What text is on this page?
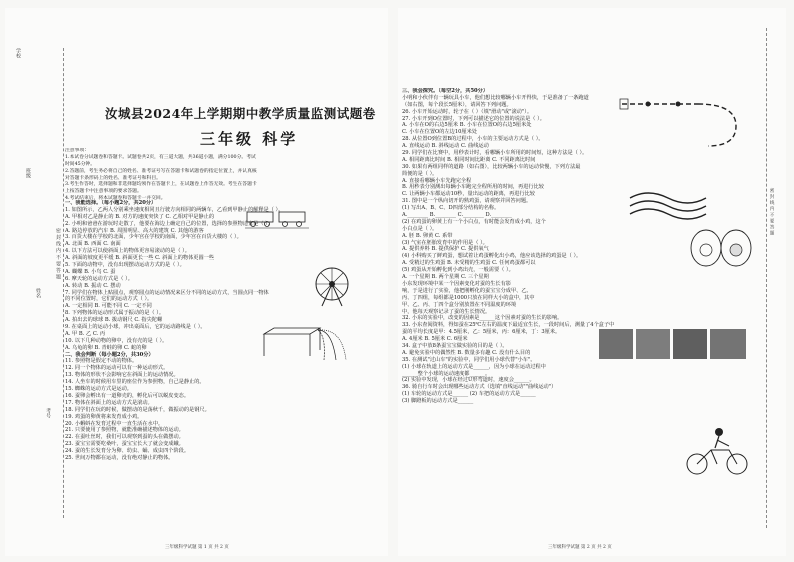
学校
班级
姓名
考号
密 封 线 内 不 要 答 题
汝城县2024年上学期期中教学质量监测试题卷
三年级 科学
注意事项：
1.本试卷分试题卷和答题卡。试题卷共2页，有三道大题，共36道小题，满分100分。考试
时间45分钟。
2.答题前，考生务必将自己的姓名、准考证号写在答题卡和试题卷的指定位置上，并认真核
对答题卡条形码上的姓名、准考证号和科目。
3.考生作答时，选择题和非选择题均须作在答题卡上，在试题卷上作答无效。考生在答题卡
上按答题卡中注意事项的要求答题。
4.考试结束后，将本试题卷和答题卡一并交回。
一、我能选择。（每小题2分，共20分）
1. 如图所示，乙两人分别乘坐速度相同且行驶方向相同的两辆车，乙看到甲静止的解释是（ ）。
A. 甲相对乙是静止的 B. 对方的速度突快了 C. 乙相对甲是静止的
2. 小明和爸爸在游玩时走散了，他要在海边上确定自己的位置，选择的参照物适宜是（ ）。
A. 路边停放的汽车 B. 周围明显、高大的建筑 C. 其他的游客
3. 百货大楼在学校的北面，少年宫在学校的南面，少年宫在百货大楼的（ ）。
A. 北面 B. 西面 C. 南面
4. 以下方法可以使斜面上的物体更容易滚动的是（ ）。
A. 斜面的坡度更平缓 B. 斜面更长一些 C. 斜面上的物体更圆一些
5. 下面的动物中，没有出现摆动运动方式的是（ ）。
A. 蝴蝶 B. 小鸟 C. 蚕
6. 摩天轮的运动方式是（ ）。
A. 转动 B. 振动 C. 摆动
7. 同学们在物体上贴圆点，观察圆点的运动情况来区分不同的运动方式，当圆点同一物体
的不同位置时，它们的运动方式（ ）。
A. 一定相同 B. 可能不同 C. 一定不同
8. 下列物体的运动形式属于振动的是（ ）。
A. 拍出去的球球 B. 拨动钢尺 C. 指尖陀螺
9. 在桌面上的运动小球，冲出桌面后，它的运动路线是（ ）。
A. 甲 B. 乙 C. 丙
10. 以下几种动物的卵中，没有壳的是（ ）。
A. 乌龟的卵 B. 青蛙的卵 C. 蛇的卵
二、我会判断（每小题2分，共30分）
11. 参照物是假定不动的物体。
12. 同一个物体的运动可以有一种运动形式。
13. 物体的形状不会影响它在斜面上的运动情况。
14. 人坐车的时候用车里的座位作为参照物，自己是静止的。
15. 蜘蛛的运动方式是运动。
16. 蚕卵会孵出有一道卵壳的，孵化后可以蜕皮变态。
17. 物体在斜面上的运动方式是滚动。
18. 同学们在玩的时候，做摆动的是荡秋千，做振动的是钢尺。
19. 鸡蛋的卵黄将来发育成小鸡。
20. 小蝌蚪在发育过程中一直生活在水中。
21. 只要使用了参照物，就能准确描述物体的运动。
22. 在蚕吐丝时，我们可以观察到蚕的头在做摆动。
23. 蚕宝宝需要吃桑叶，蚕宝宝长大了就会变成蛾。
24. 蚕的生长发育分为卵、幼虫、蛹、成虫四个阶段。
25. 世间万物都在运动，没有绝对静止的物体。
三年级科学试题 第 1 页 共 2 页
三、我会探究。（每空2分，共50分）
小明和小伙伴有一辆玩具小车，他们想比较哪辆小车开得快，于是准备了一条跑道
（如右图，每个段长5厘米），请回答下列问题。
26. 小车开始运动时，轮子在（ ）（填"滑动"或"滚动"）。
27. 小车开到O位置时，下列可以描述它的位置的说法是（ ）。
A. 小车在O的右边5厘米 B. 小车在位置O的右边5厘米处
C. 小车在位置O的左边10厘米处
28. 从位置O到位置B的过程中，小车的主要运动方式是（ ）。
A. 直线运动 B. 斜线运动 C. 曲线运动
29. 同学们在比赛中，用秒表计时，看哪辆小车所用的时间短，这种方法是（ ）。
A. 相同距离比时间 B. 相同时间比距离 C. 不同距离比时间
30. 如果有两组同样的道路（如右图），比较两辆小车的运动快慢，下列方法最
简便的是（ ）。
A. 直接看哪辆小车先跑完全程
B. 用秒表分别测出每辆小车跑完全程所用的时间，再进行比较
C. 让两辆小车都运动10秒，量出运动的距离，再进行比较
31. 图中是一个纵向切开的熟鸡蛋，请观察并回答问题。
(1) 写出A、B、C、D四部分结构的名称。
A.________ B.________ C.________ D.________
(2) 在鸡蛋的卵黄上有一个小白点，有时能会发育成小鸡，这个
小白点是（ ）。
A. 胚 B. 卵黄 C. 系带
(3) 气室在胚胎发育中的作用是（ ）。
A. 提供养料 B. 提供保护 C. 提供氧气
(4) 小科购买了鲜鸡蛋，想试着让鸡蛋孵化出小鸡，他应该选择的鸡蛋是（ ）。
A. 受精过的生鸡蛋 B. 未受精的生鸡蛋 C. 任何鸡蛋都可以
(5) 鸡蛋从开始孵化到小鸡出壳，一般需要（ ）。
A. 一个星期 B. 两个星期 C. 三个星期
小东发现环境中某一个因素变化对蚕的生长有影
响，于是进行了实验，他把刚孵化的蚕宝宝分成甲、乙、
丙、丁四组，每组都是1000只放在同样大小的盒中，其中
甲、乙、丙、丁四个盒分别放置在不同温度的环境
中，他每天观察记录了蚕的生长情况。
32. 小东的实验中，改变的因素是______这个因素对蚕的生长的影响。
33. 小东查阅资料，得知蚕在25℃左右的温度下最适宜生长，一段时间后，测量了4个盒子中
蚕的平均长度是甲：4.5厘米，乙：5厘米，丙：6厘米，丁：3厘米。
A. 4厘米 B. 5厘米 C. 6厘米
34. 盒子中放8条蚕宝宝做实验的目的是（ ）。
A. 避免实验中的偶然性 B. 数量多有趣 C. 没有什么目的
35. 在测试"过山车"的实验中，同学们用小球代替"小车"。
(1) 小球在轨道上的运动方式是______，因为小球在运动过程中
______整个小球的运动速度都______。
(2) 实验中发现，小球在经过U形弯道时，速度会______。
36. 骑自行车时会出现哪些运动方式（选填"直线运动""曲线运动"）
(1) 车轮的运动方式是______ (2) 车把的运动方式是______
(3) 脚蹬板的运动方式是______
密 封 线 内 不 要 答 题
三年级科学试题 第 2 页 共 2 页
